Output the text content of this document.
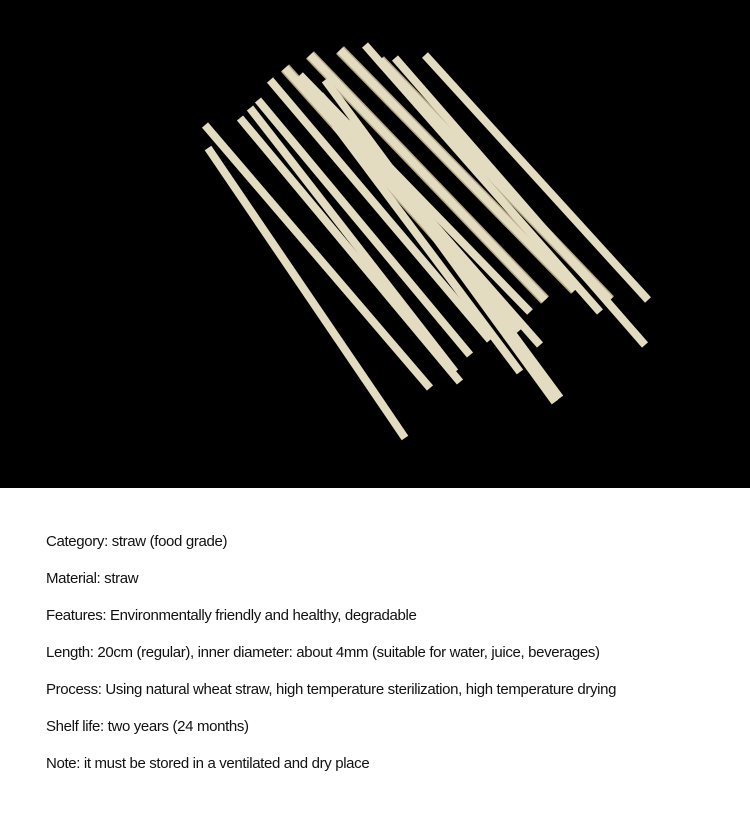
Category: straw (food grade)
Material: straw
Features: Environmentally friendly and healthy, degradable
Length: 20cm (regular), inner diameter: about 4mm (suitable for water, juice, beverages)
Process: Using natural wheat straw, high temperature sterilization, high temperature drying
Shelf life: two years (24 months)
Note: it must be stored in a ventilated and dry place
